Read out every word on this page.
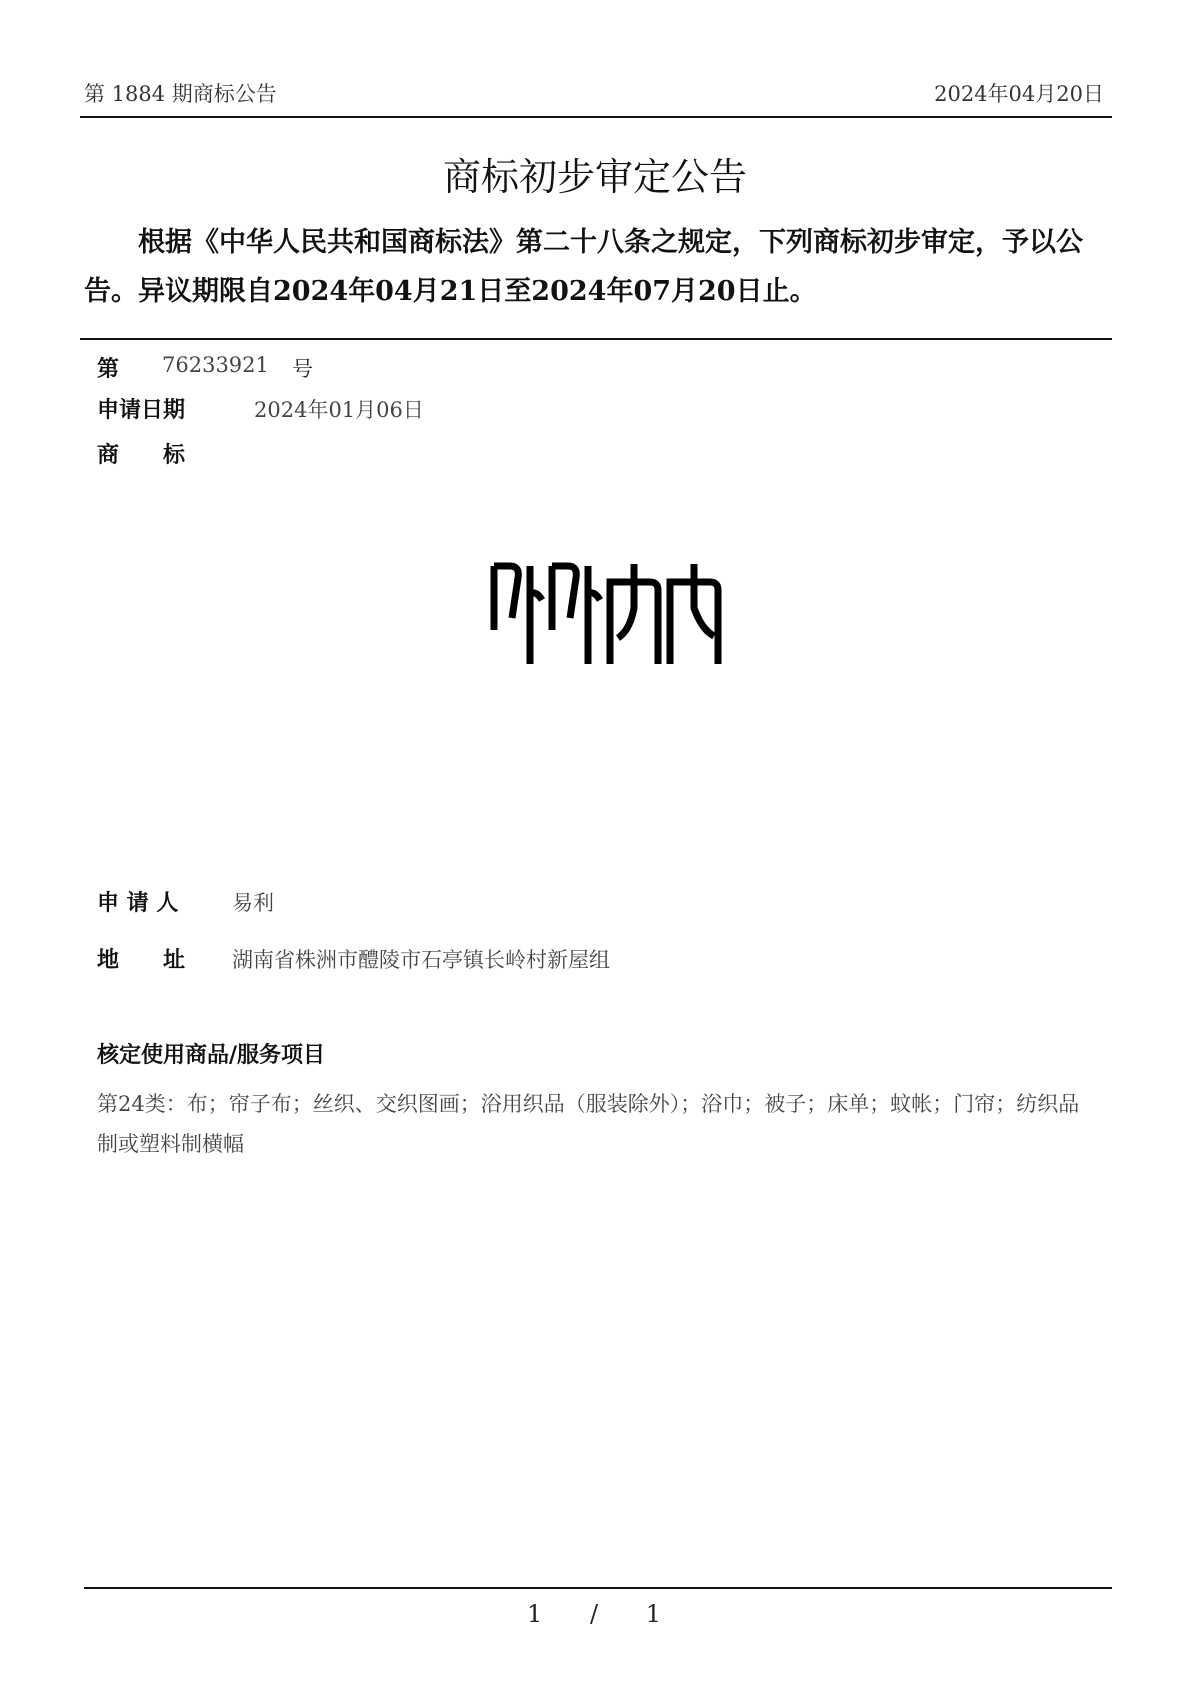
第 1884 期商标公告	2024年04月20日
商标初步审定公告

根据《中华人民共和国商标法》第二十八条之规定，下列商标初步审定，予以公告。异议期限自2024年04月21日至2024年07月20日止。

第 76233921 号
申请日期	2024年01月06日
商　　标
申 请 人	易利
地　　址 湖南省株洲市醴陵市石亭镇长岭村新屋组
核定使用商品/服务项目

第24类：布；帘子布；丝织、交织图画；浴用织品（服装除外）；浴巾；被子；床单；蚊帐；门帘；纺织品制或塑料制横幅

1 / 1
